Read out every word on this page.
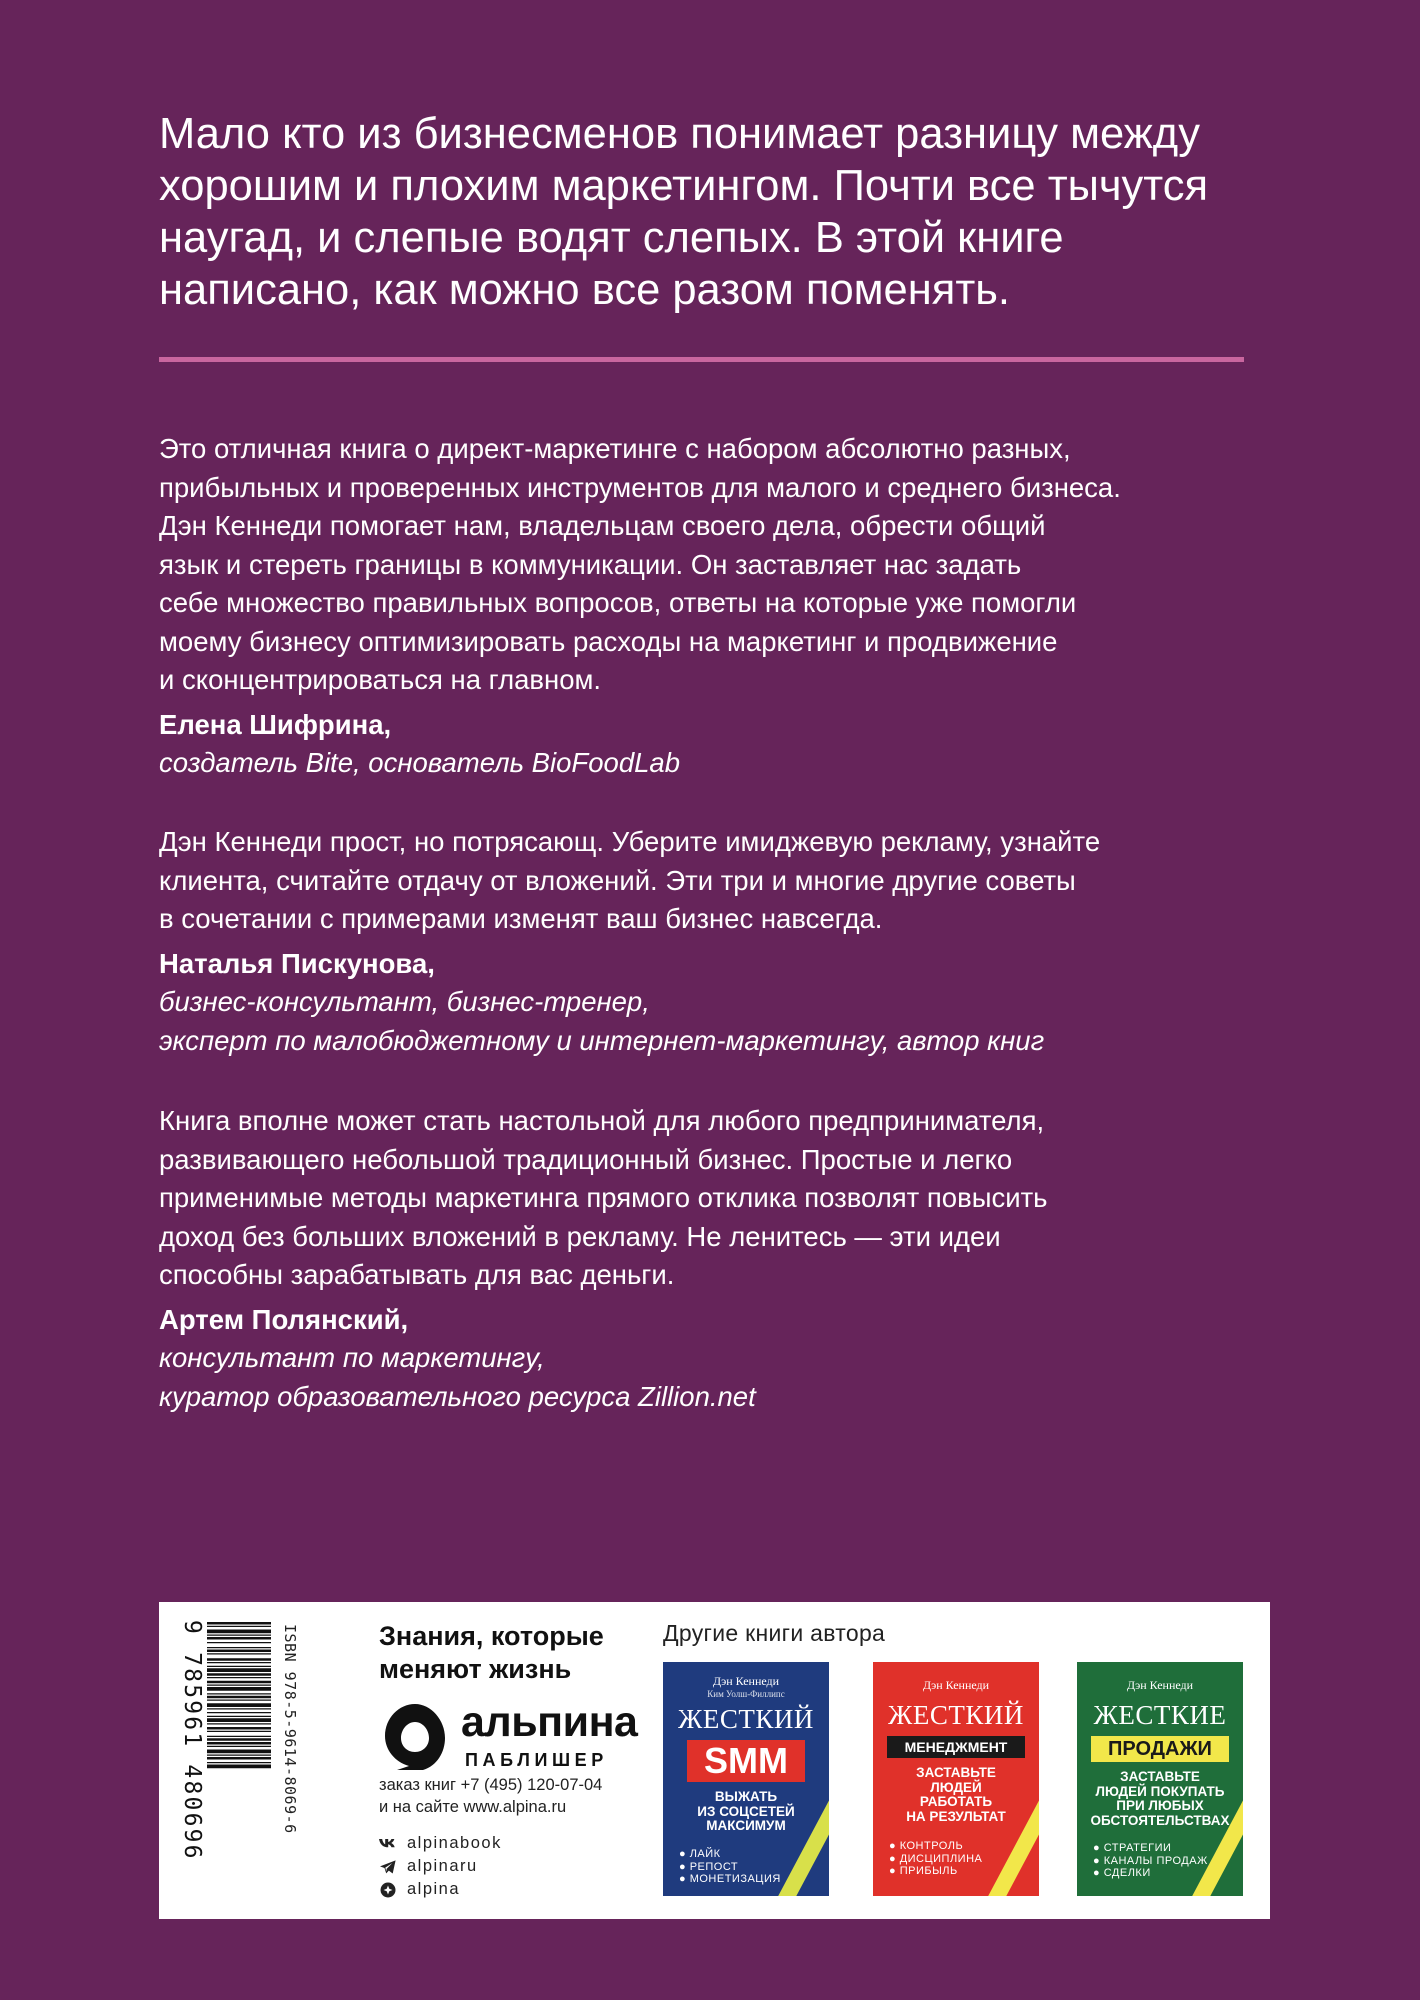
Мало кто из бизнесменов понимает разницу между хорошим и плохим маркетингом. Почти все тычутся наугад, и слепые водят слепых. В этой книге написано, как можно все разом поменять.
Это отличная книга о директ-маркетинге с набором абсолютно разных,
прибыльных и проверенных инструментов для малого и среднего бизнеса.
Дэн Кеннеди помогает нам, владельцам своего дела, обрести общий
язык и стереть границы в коммуникации. Он заставляет нас задать
себе множество правильных вопросов, ответы на которые уже помогли
моему бизнесу оптимизировать расходы на маркетинг и продвижение
и сконцентрироваться на главном.
Елена Шифрина,
создатель Bite, основатель BioFoodLab
Дэн Кеннеди прост, но потрясающ. Уберите имиджевую рекламу, узнайте
клиента, считайте отдачу от вложений. Эти три и многие другие советы
в сочетании с примерами изменят ваш бизнес навсегда.
Наталья Пискунова,
бизнес-консультант, бизнес-тренер,
эксперт по малобюджетному и интернет-маркетингу, автор книг
Книга вполне может стать настольной для любого предпринимателя,
развивающего небольшой традиционный бизнес. Простые и легко
применимые методы маркетинга прямого отклика позволят повысить
доход без больших вложений в рекламу. Не ленитесь — эти идеи
способны зарабатывать для вас деньги.
Артем Полянский,
консультант по маркетингу,
куратор образовательного ресурса Zillion.net
9 785961 480696	ISBN 978-5-9614-8069-6	Знания, которые
меняют жизнь
альпина
ПАБЛИШЕР
заказ книг +7 (495) 120-07-04
и на сайте www.alpina.ru
alpinabook
alpinaru
alpina
Другие книги автора
Дэн Кеннеди
Ким Уолш-Филлипс
ЖЕСТКИЙ
SMM
ВЫЖАТЬ
ИЗ СОЦСЕТЕЙ
МАКСИМУМ
● ЛАЙК
● РЕПОСТ
● МОНЕТИЗАЦИЯ
Дэн Кеннеди
ЖЕСТКИЙ
МЕНЕДЖМЕНТ
ЗАСТАВЬТЕ
ЛЮДЕЙ
РАБОТАТЬ
НА РЕЗУЛЬТАТ
● КОНТРОЛЬ
● ДИСЦИПЛИНА
● ПРИБЫЛЬ
Дэн Кеннеди
ЖЕСТКИЕ
ПРОДАЖИ
ЗАСТАВЬТЕ
ЛЮДЕЙ ПОКУПАТЬ
ПРИ ЛЮБЫХ
ОБСТОЯТЕЛЬСТВАХ
● СТРАТЕГИИ
● КАНАЛЫ ПРОДАЖ
● СДЕЛКИ
